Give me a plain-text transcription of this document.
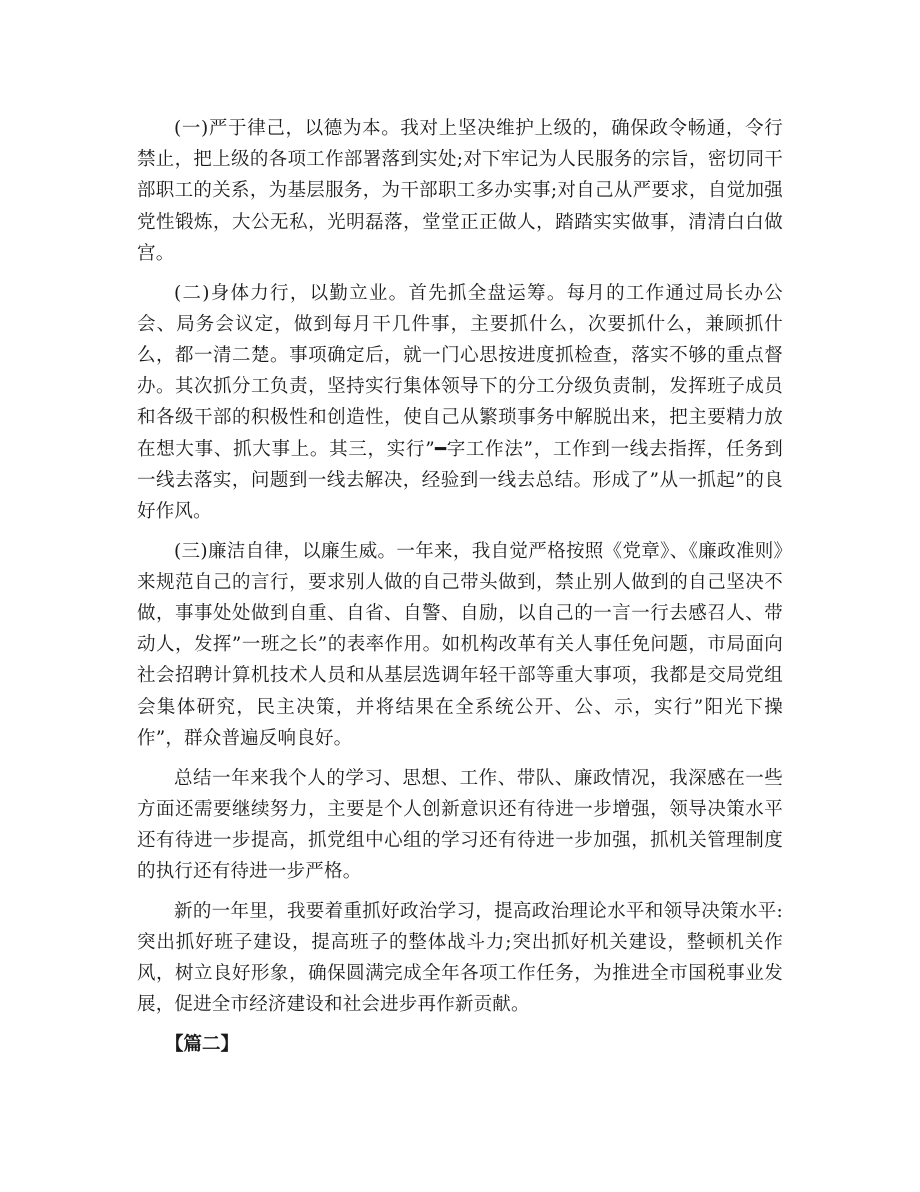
(一)严于律己，以德为本。我对上坚决维护上级的，确保政令畅通，令行禁止，把上级的各项工作部署落到实处;对下牢记为人民服务的宗旨，密切同干部职工的关系，为基层服务，为干部职工多办实事;对自己从严要求，自觉加强党性锻炼，大公无私，光明磊落，堂堂正正做人，踏踏实实做事，清清白白做宫。

(二)身体力行，以勤立业。首先抓全盘运筹。每月的工作通过局长办公会、局务会议定，做到每月干几件事，主要抓什么，次要抓什么，兼顾抓什么，都一清二楚。事项确定后，就一门心思按进度抓检查，落实不够的重点督办。其次抓分工负责，坚持实行集体领导下的分工分级负责制，发挥班子成员和各级干部的积极性和创造性，使自己从繁琐事务中解脱出来，把主要精力放在想大事、抓大事上。其三，实行”━字工作法”，工作到一线去指挥，任务到一线去落实，问题到一线去解决，经验到一线去总结。形成了”从一抓起”的良好作风。

(三)廉洁自律，以廉生威。一年来，我自觉严格按照《党章》、《廉政准则》来规范自己的言行，要求别人做的自己带头做到，禁止别人做到的自己坚决不做，事事处处做到自重、自省、自警、自励，以自己的一言一行去感召人、带动人，发挥”一班之长”的表率作用。如机构改革有关人事任免问题，市局面向社会招聘计算机技术人员和从基层选调年轻干部等重大事项，我都是交局党组会集体研究，民主决策，并将结果在全系统公开、公、示，实行”阳光下操作”，群众普遍反响良好。

总结一年来我个人的学习、思想、工作、带队、廉政情况，我深感在一些方面还需要继续努力，主要是个人创新意识还有待进一步增强，领导决策水平还有待进一步提高，抓党组中心组的学习还有待进一步加强，抓机关管理制度的执行还有待进一步严格。

新的一年里，我要着重抓好政治学习，提高政治理论水平和领导决策水平:突出抓好班子建设，提高班子的整体战斗力;突出抓好机关建设，整顿机关作风，树立良好形象，确保圆满完成全年各项工作任务，为推进全市国税事业发展，促进全市经济建设和社会进步再作新贡献。

【篇二】
